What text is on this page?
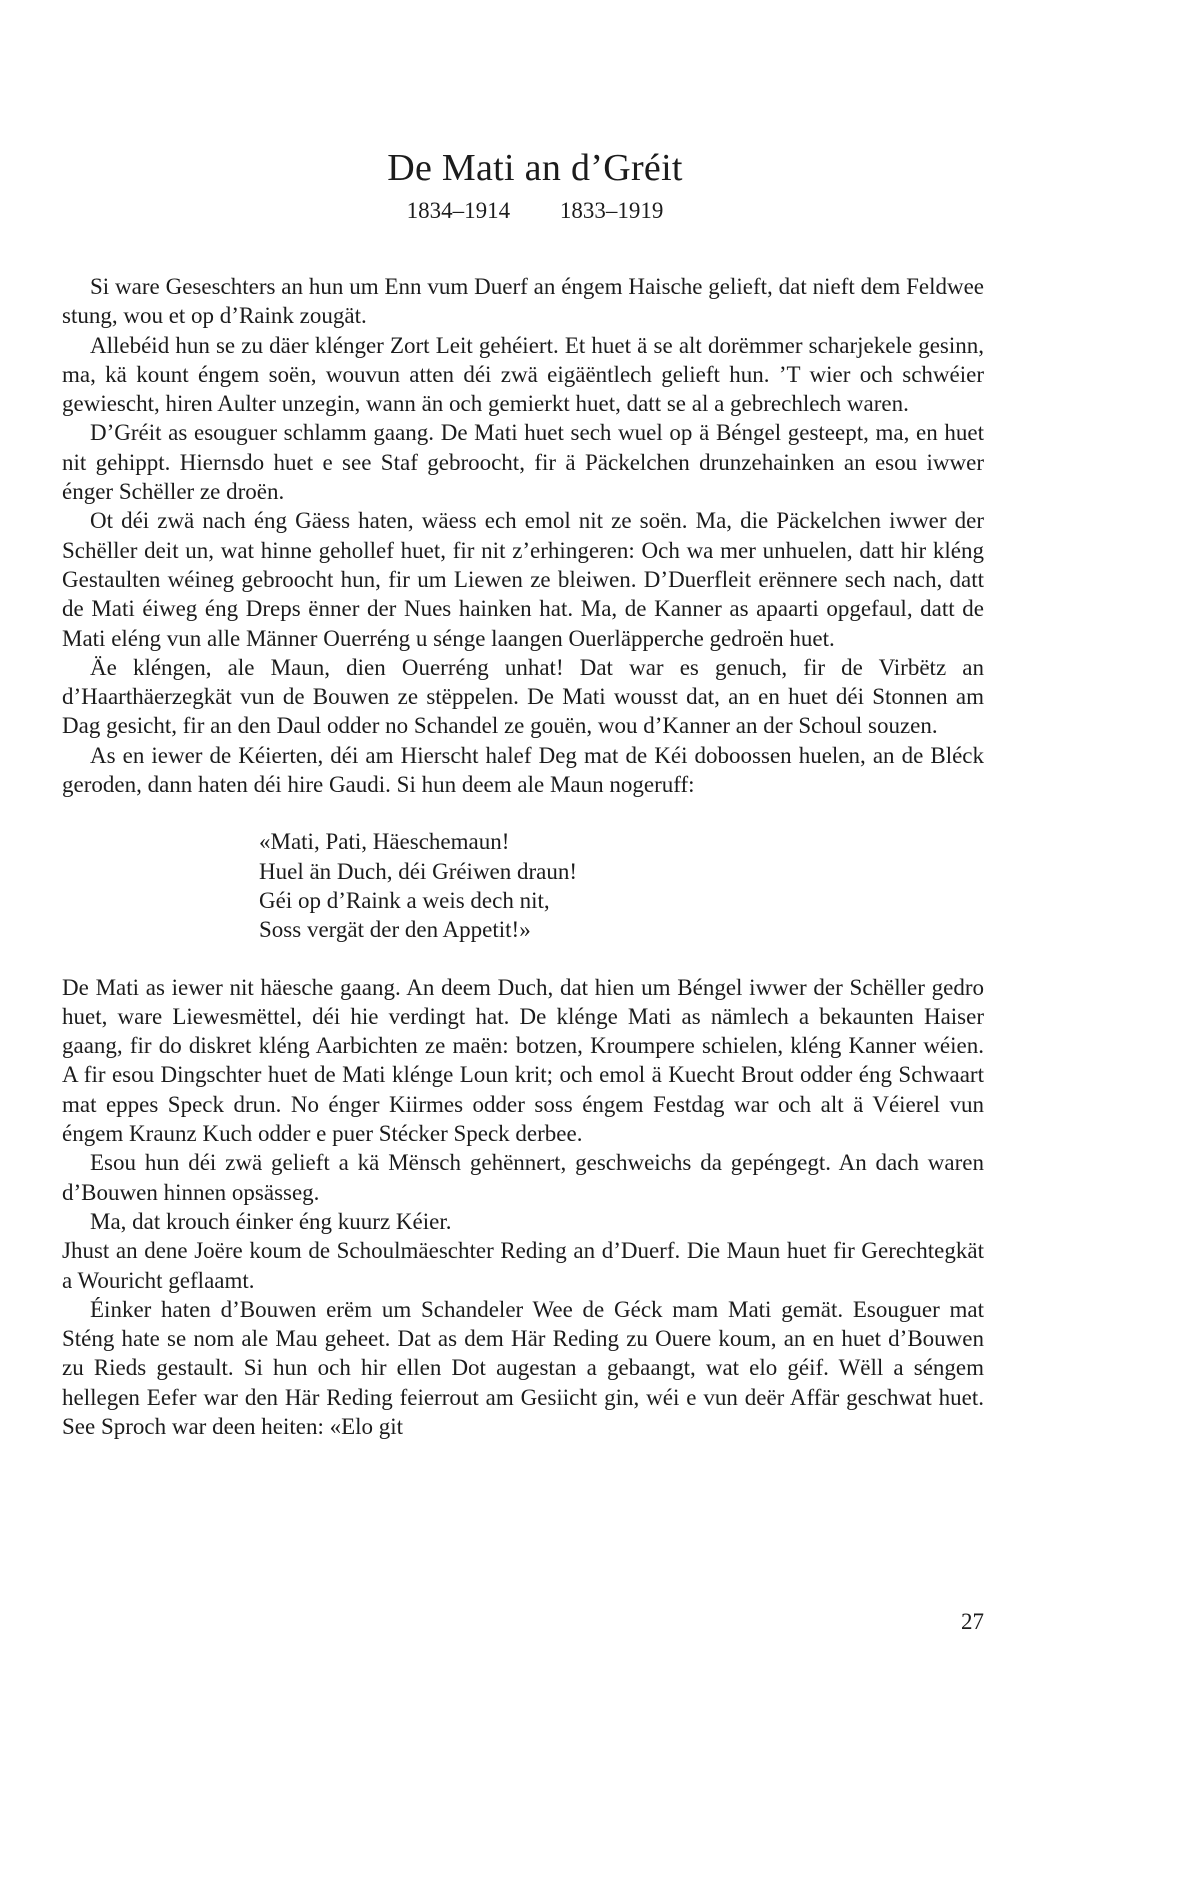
De Mati an d’Gréit
1834–1914 1833–1919

Si ware Geseschters an hun um Enn vum Duerf an éngem Haische gelieft, dat nieft dem Feldwee stung, wou et op d’Raink zougät.

Allebéid hun se zu däer klénger Zort Leit gehéiert. Et huet ä se alt dorëmmer scharjekele gesinn, ma, kä kount éngem soën, wouvun atten déi zwä eigäëntlech gelieft hun. ’T wier och schwéier gewiescht, hiren Aulter unzegin, wann än och gemierkt huet, datt se al a gebrechlech waren.

D’Gréit as esouguer schlamm gaang. De Mati huet sech wuel op ä Béngel gesteept, ma, en huet nit gehippt. Hiernsdo huet e see Staf gebroocht, fir ä Päckelchen drunzehainken an esou iwwer énger Schëller ze droën.

Ot déi zwä nach éng Gäess haten, wäess ech emol nit ze soën. Ma, die Päckelchen iwwer der Schëller deit un, wat hinne gehollef huet, fir nit z’erhingeren: Och wa mer unhuelen, datt hir kléng Gestaulten wéineg gebroocht hun, fir um Liewen ze bleiwen. D’Duerfleit erënnere sech nach, datt de Mati éiweg éng Dreps ënner der Nues hainken hat. Ma, de Kanner as apaarti opgefaul, datt de Mati eléng vun alle Männer Ouerréng u sénge laangen Ouerläpperche gedroën huet.

Äe kléngen, ale Maun, dien Ouerréng unhat! Dat war es genuch, fir de Virbëtz an d’Haarthäerzegkät vun de Bouwen ze stëppelen. De Mati wousst dat, an en huet déi Stonnen am Dag gesicht, fir an den Daul odder no Schandel ze gouën, wou d’Kanner an der Schoul souzen.

As en iewer de Kéierten, déi am Hierscht halef Deg mat de Kéi doboossen huelen, an de Bléck geroden, dann haten déi hire Gaudi. Si hun deem ale Maun nogeruff:

«Mati, Pati, Häeschemaun!
Huel än Duch, déi Gréiwen draun!
Géi op d’Raink a weis dech nit,
Soss vergät der den Appetit!»

De Mati as iewer nit häesche gaang. An deem Duch, dat hien um Béngel iwwer der Schëller gedro huet, ware Liewesmëttel, déi hie verdingt hat. De klénge Mati as nämlech a bekaunten Haiser gaang, fir do diskret kléng Aarbichten ze maën: botzen, Kroumpere schielen, kléng Kanner wéien. A fir esou Dingschter huet de Mati klénge Loun krit; och emol ä Kuecht Brout odder éng Schwaart mat eppes Speck drun. No énger Kiirmes odder soss éngem Festdag war och alt ä Véierel vun éngem Kraunz Kuch odder e puer Stécker Speck derbee.

Esou hun déi zwä gelieft a kä Mënsch gehënnert, geschweichs da gepéngegt. An dach waren d’Bouwen hinnen opsässeg.

Ma, dat krouch éinker éng kuurz Kéier.

Jhust an dene Joëre koum de Schoulmäeschter Reding an d’Duerf. Die Maun huet fir Gerechtegkät a Wouricht geflaamt.

Éinker haten d’Bouwen erëm um Schandeler Wee de Géck mam Mati gemät. Esouguer mat Sténg hate se nom ale Mau geheet. Dat as dem Här Reding zu Ouere koum, an en huet d’Bouwen zu Rieds gestault. Si hun och hir ellen Dot augestan a gebaangt, wat elo géif. Wëll a séngem hellegen Eefer war den Här Reding feierrout am Gesiicht gin, wéi e vun deër Affär geschwat huet. See Sproch war deen heiten: «Elo git

27
